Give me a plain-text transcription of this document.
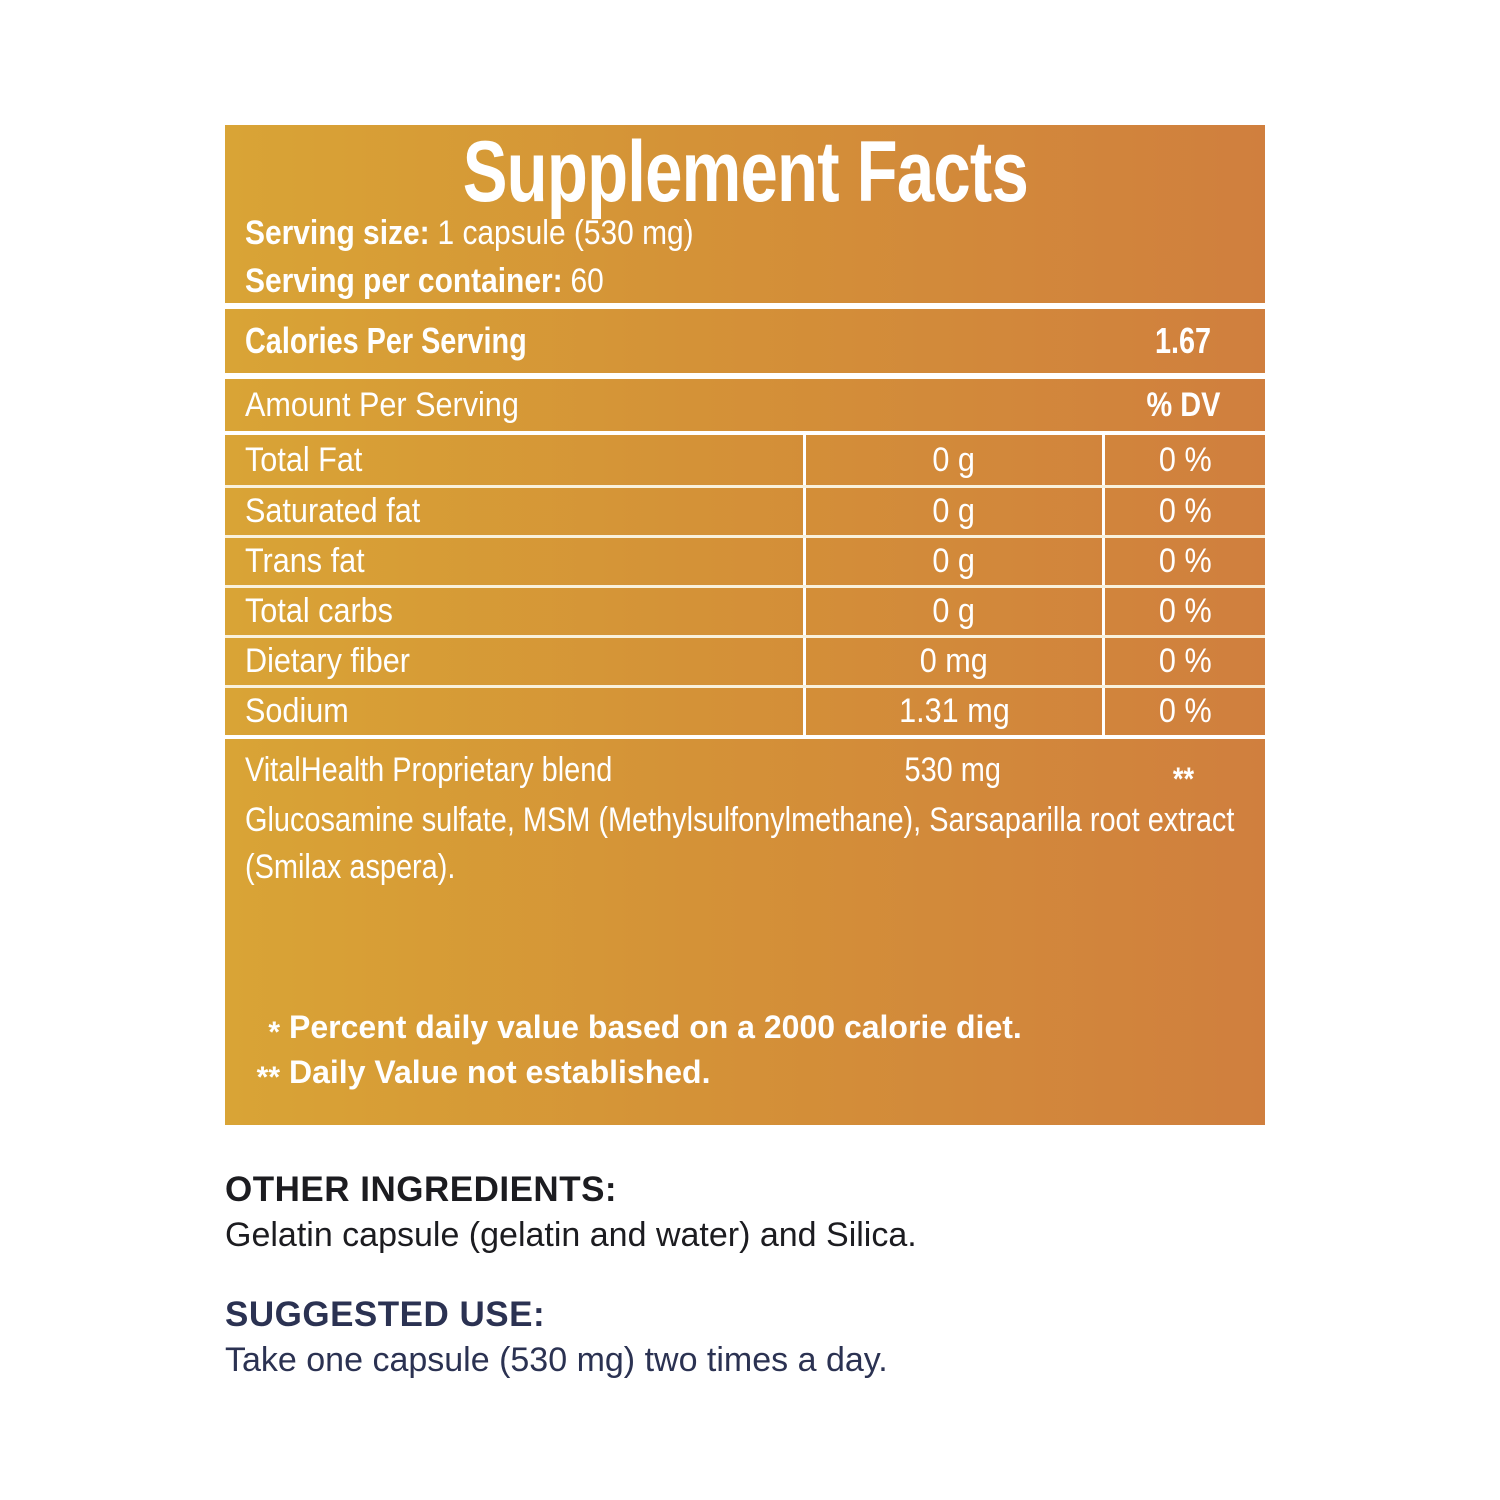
Supplement Facts
Serving size: 1 capsule (530 mg)
Serving per container: 60
Calories Per Serving	1.67
Amount Per Serving	% DV
Total Fat	0 g	0 %
Saturated fat	0 g	0 %
Trans fat	0 g	0 %
Total carbs	0 g	0 %
Dietary fiber	0 mg	0 %
Sodium	1.31 mg	0 %
VitalHealth Proprietary blend	530 mg	**
Glucosamine sulfate, MSM (Methylsulfonylmethane), Sarsaparilla root extract
(Smilax aspera).
* Percent daily value based on a 2000 calorie diet.
** Daily Value not established.
OTHER INGREDIENTS:
Gelatin capsule (gelatin and water) and Silica.
SUGGESTED USE:
Take one capsule (530 mg) two times a day.
